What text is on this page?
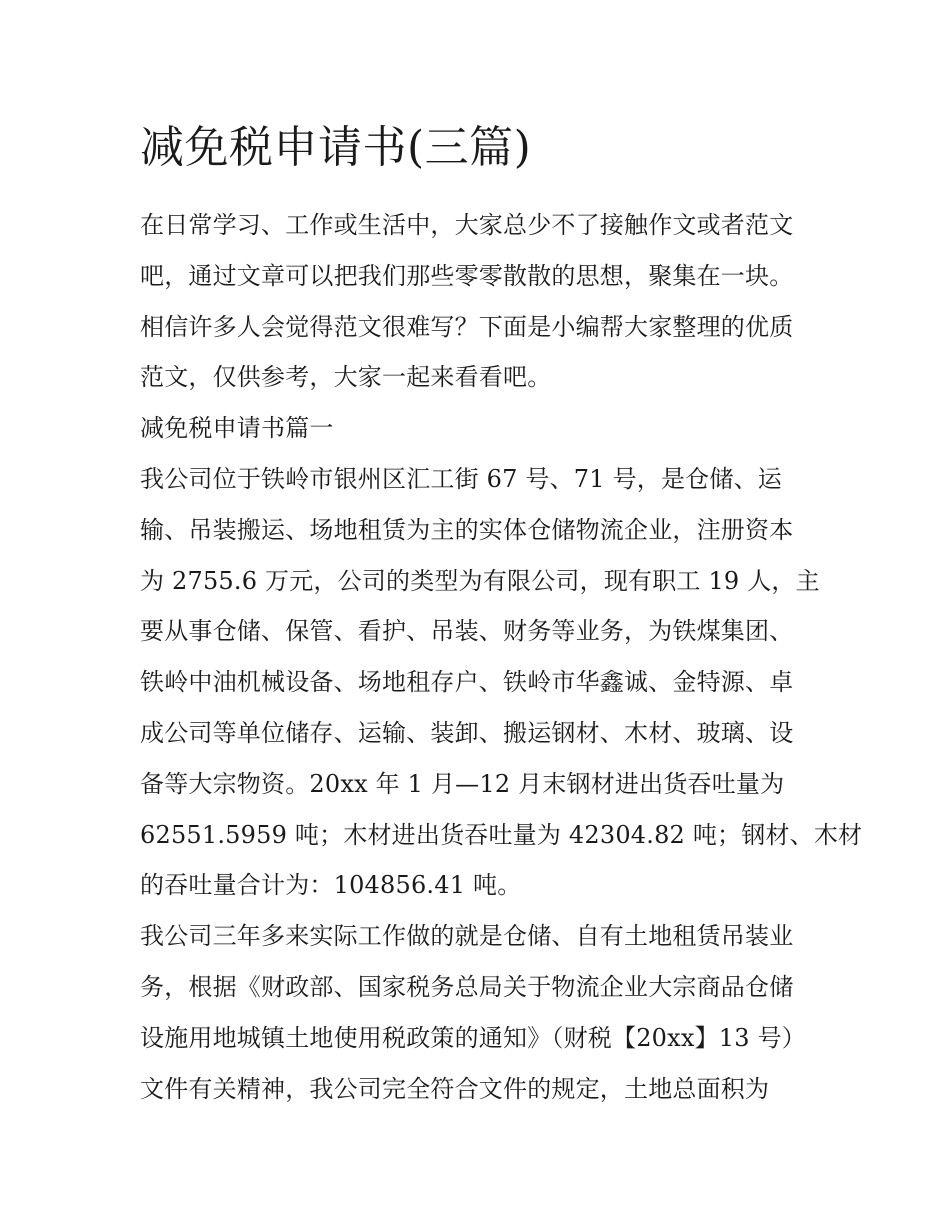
减免税申请书(三篇)
在日常学习、工作或生活中，大家总少不了接触作文或者范文
吧，通过文章可以把我们那些零零散散的思想，聚集在一块。
相信许多人会觉得范文很难写？下面是小编帮大家整理的优质
范文，仅供参考，大家一起来看看吧。
减免税申请书篇一
我公司位于铁岭市银州区汇工街 67 号、71 号，是仓储、运
输、吊装搬运、场地租赁为主的实体仓储物流企业，注册资本
为 2755.6 万元，公司的类型为有限公司，现有职工 19 人，主
要从事仓储、保管、看护、吊装、财务等业务，为铁煤集团、
铁岭中油机械设备、场地租存户、铁岭市华鑫诚、金特源、卓
成公司等单位储存、运输、装卸、搬运钢材、木材、玻璃、设
备等大宗物资。20xx 年 1 月—12 月末钢材进出货吞吐量为
62551.5959 吨；木材进出货吞吐量为 42304.82 吨；钢材、木材
的吞吐量合计为：104856.41 吨。
我公司三年多来实际工作做的就是仓储、自有土地租赁吊装业
务，根据《财政部、国家税务总局关于物流企业大宗商品仓储
设施用地城镇土地使用税政策的通知》（财税【20xx】13 号）
文件有关精神，我公司完全符合文件的规定，土地总面积为
